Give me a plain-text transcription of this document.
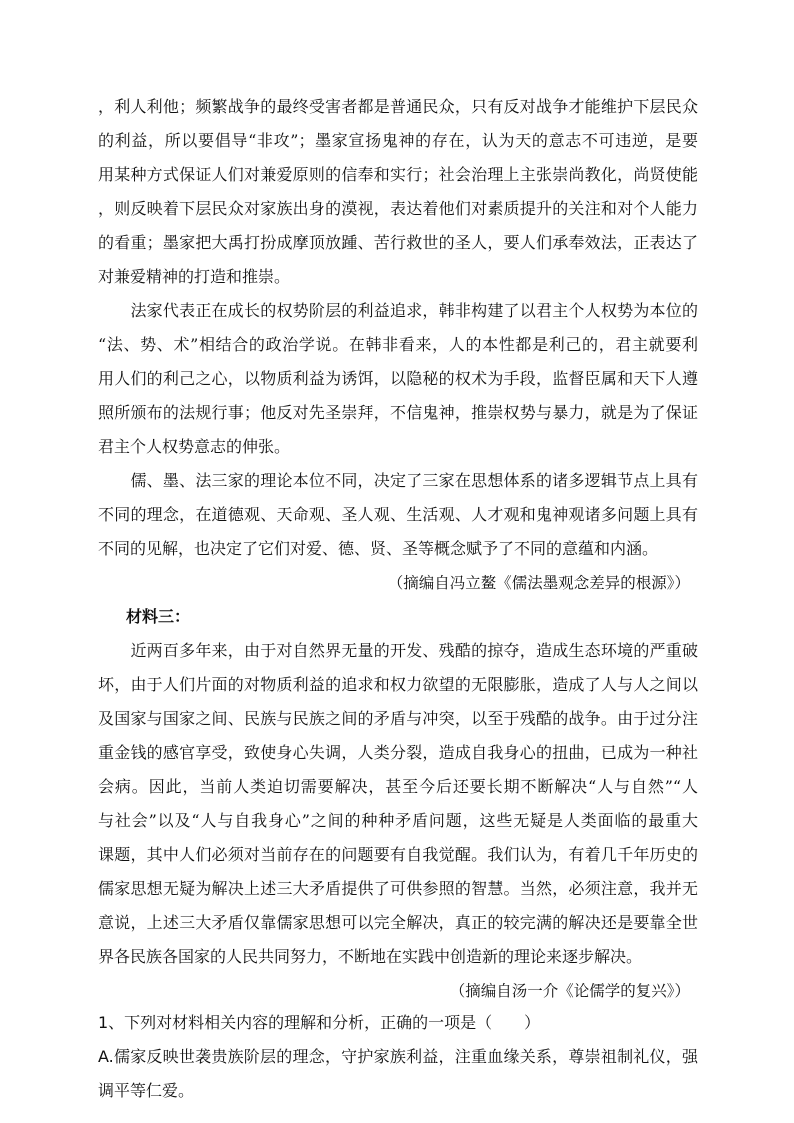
，利人利他；频繁战争的最终受害者都是普通民众，只有反对战争才能维护下层民众
的利益，所以要倡导“非攻”；墨家宣扬鬼神的存在，认为天的意志不可违逆，是要
用某种方式保证人们对兼爱原则的信奉和实行；社会治理上主张崇尚教化，尚贤使能
，则反映着下层民众对家族出身的漠视，表达着他们对素质提升的关注和对个人能力
的看重；墨家把大禹打扮成摩顶放踵、苦行救世的圣人，要人们承奉效法，正表达了
对兼爱精神的打造和推崇。
　　法家代表正在成长的权势阶层的利益追求，韩非构建了以君主个人权势为本位的
“法、势、术”相结合的政治学说。在韩非看来，人的本性都是利己的，君主就要利
用人们的利己之心，以物质利益为诱饵，以隐秘的权术为手段，监督臣属和天下人遵
照所颁布的法规行事；他反对先圣崇拜，不信鬼神，推崇权势与暴力，就是为了保证
君主个人权势意志的伸张。
　　儒、墨、法三家的理论本位不同，决定了三家在思想体系的诸多逻辑节点上具有
不同的理念，在道德观、天命观、圣人观、生活观、人才观和鬼神观诸多问题上具有
不同的见解，也决定了它们对爱、德、贤、圣等概念赋予了不同的意蕴和内涵。
（摘编自冯立鳌《儒法墨观念差异的根源》）
材料三：
　　近两百多年来，由于对自然界无量的开发、残酷的掠夺，造成生态环境的严重破
坏，由于人们片面的对物质利益的追求和权力欲望的无限膨胀，造成了人与人之间以
及国家与国家之间、民族与民族之间的矛盾与冲突，以至于残酷的战争。由于过分注
重金钱的感官享受，致使身心失调，人类分裂，造成自我身心的扭曲，已成为一种社
会病。因此，当前人类迫切需要解决，甚至今后还要长期不断解决“人与自然”“人
与社会”以及“人与自我身心”之间的种种矛盾问题，这些无疑是人类面临的最重大
课题，其中人们必须对当前存在的问题要有自我觉醒。我们认为，有着几千年历史的
儒家思想无疑为解决上述三大矛盾提供了可供参照的智慧。当然，必须注意，我并无
意说，上述三大矛盾仅靠儒家思想可以完全解决，真正的较完满的解决还是要靠全世
界各民族各国家的人民共同努力，不断地在实践中创造新的理论来逐步解决。
（摘编自汤一介《论儒学的复兴》）
1、下列对材料相关内容的理解和分析，正确的一项是（　　）
A.儒家反映世袭贵族阶层的理念，守护家族利益，注重血缘关系，尊崇祖制礼仪，强
调平等仁爱。
